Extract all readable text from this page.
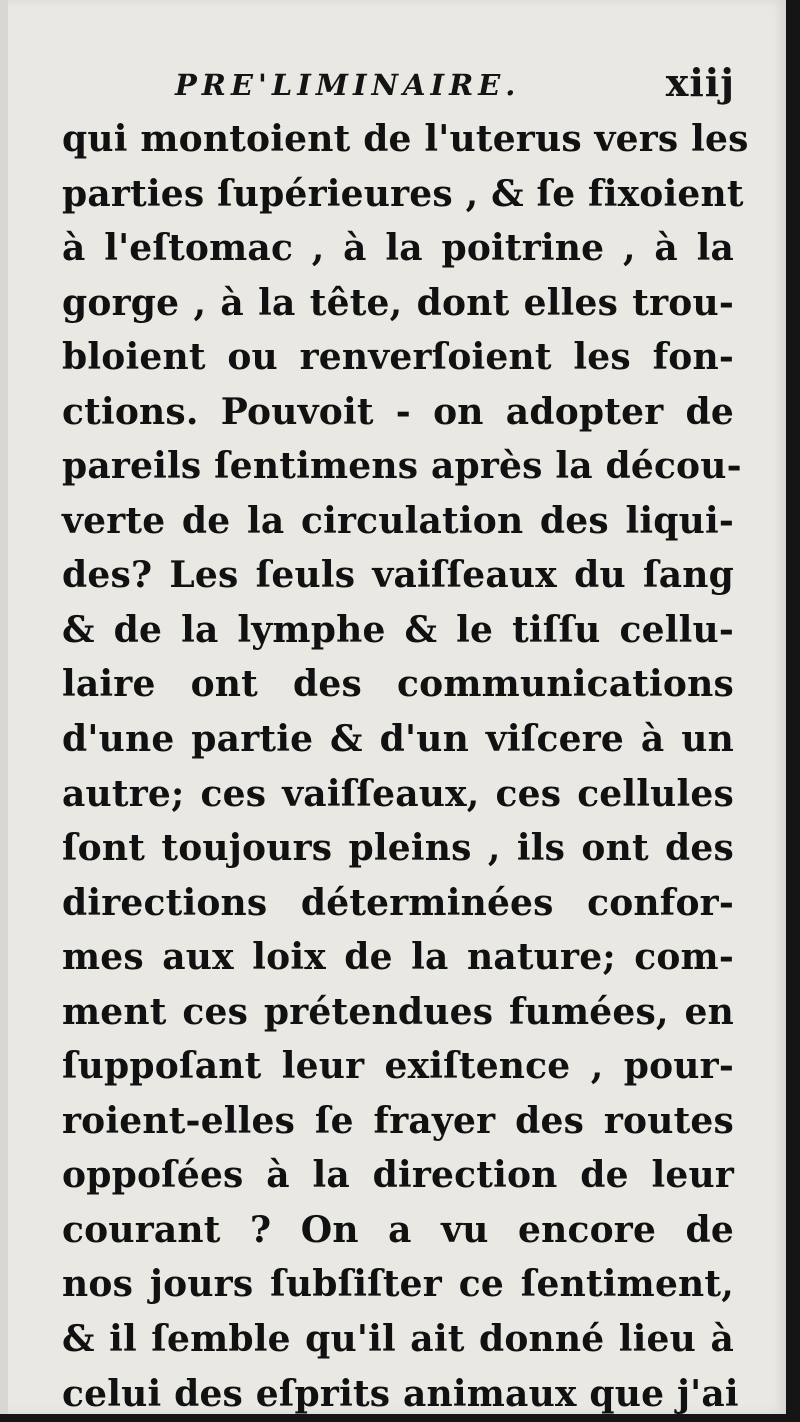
PRE'LIMINAIRE.	xiij
qui montoient de l'uterus vers les
parties ſupérieures , & ſe fixoient
à l'eſtomac , à la poitrine , à la
gorge , à la tête, dont elles trou-
bloient ou renverſoient les fon-
ctions. Pouvoit - on adopter de
pareils ſentimens après la décou-
verte de la circulation des liqui-
des? Les ſeuls vaiſſeaux du ſang
& de la lymphe & le tiſſu cellu-
laire ont des communications
d'une partie & d'un viſcere à un
autre; ces vaiſſeaux, ces cellules
ſont toujours pleins , ils ont des
directions déterminées confor-
mes aux loix de la nature; com-
ment ces prétendues fumées, en
ſuppoſant leur exiſtence , pour-
roient-elles ſe frayer des routes
oppoſées à la direction de leur
courant ? On a vu encore de
nos jours ſubſiſter ce ſentiment,
& il ſemble qu'il ait donné lieu à
celui des eſprits animaux que j'ai
